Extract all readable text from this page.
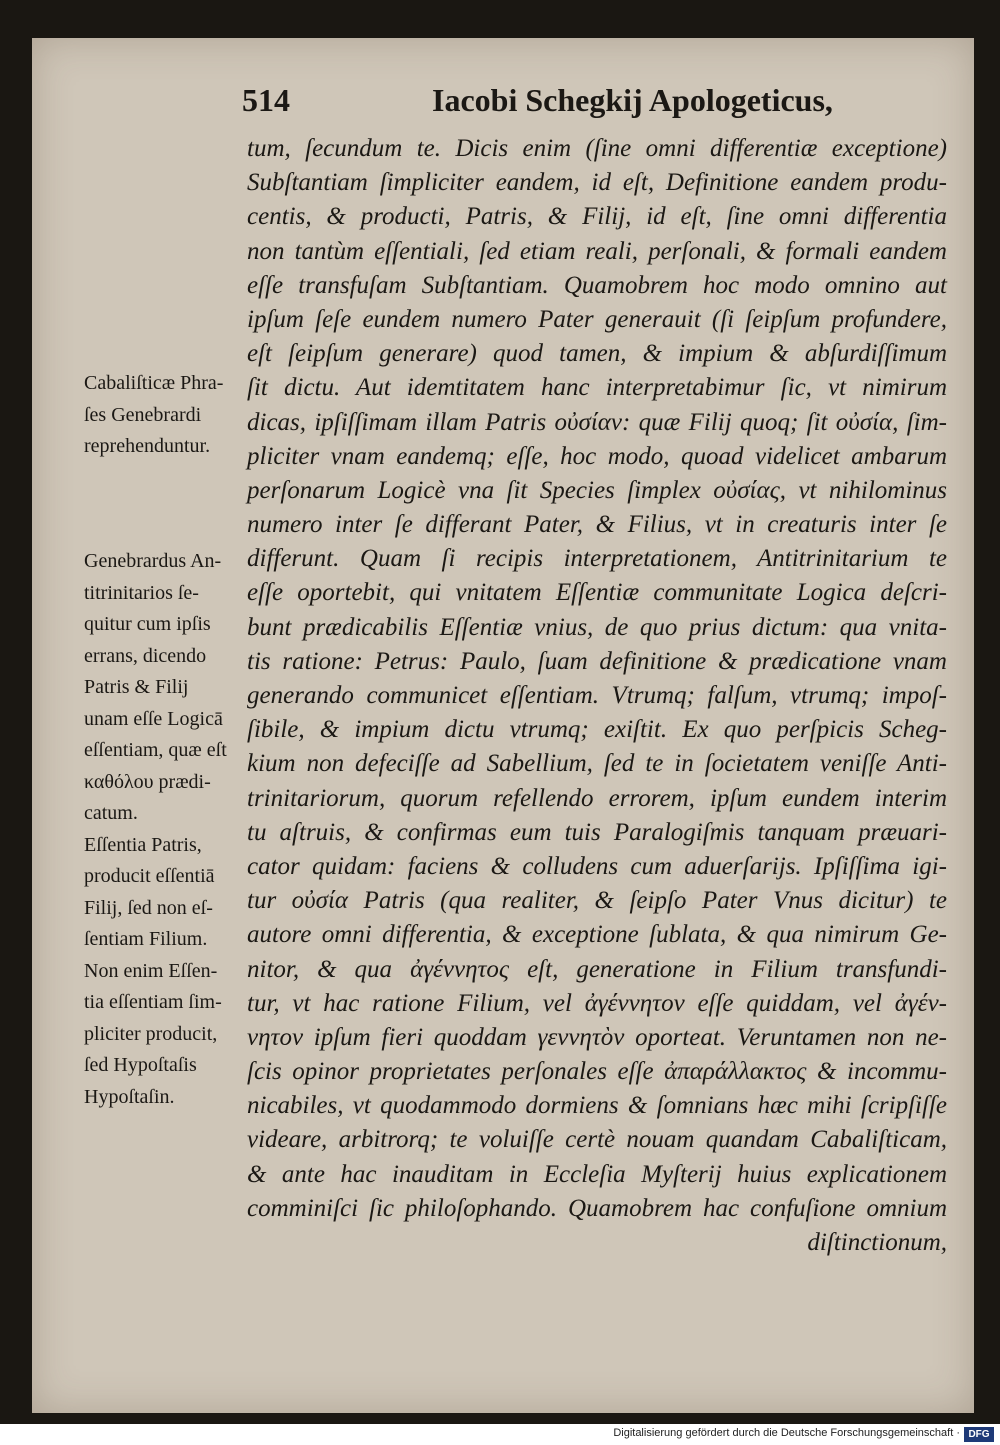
514	Iacobi Schegkij Apologeticus,
tum, ſecundum te. Dicis enim (ſine omni differentiæ exceptione)
Subſtantiam ſimpliciter eandem, id eſt, Definitione eandem produ-
centis, & producti, Patris, & Filij, id eſt, ſine omni differentia
non tantùm eſſentiali, ſed etiam reali, perſonali, & formali eandem
eſſe transfuſam Subſtantiam. Quamobrem hoc modo omnino aut
ipſum ſeſe eundem numero Pater generauit (ſi ſeipſum profundere,
eſt ſeipſum generare) quod tamen, & impium & abſurdiſſimum
ſit dictu. Aut idemtitatem hanc interpretabimur ſic, vt nimirum
dicas, ipſiſſimam illam Patris οὐσίαν: quæ Filij quoq; ſit οὐσία, ſim-
pliciter vnam eandemq; eſſe, hoc modo, quoad videlicet ambarum
perſonarum Logicè vna ſit Species ſimplex οὐσίας, vt nihilominus
numero inter ſe differant Pater, & Filius, vt in creaturis inter ſe
differunt. Quam ſi recipis interpretationem, Antitrinitarium te
eſſe oportebit, qui vnitatem Eſſentiæ communitate Logica deſcri-
bunt prædicabilis Eſſentiæ vnius, de quo prius dictum: qua vnita-
tis ratione: Petrus: Paulo, ſuam definitione & prædicatione vnam
generando communicet eſſentiam. Vtrumq; falſum, vtrumq; impoſ-
ſibile, & impium dictu vtrumq; exiſtit. Ex quo perſpicis Scheg-
kium non defeciſſe ad Sabellium, ſed te in ſocietatem veniſſe Anti-
trinitariorum, quorum refellendo errorem, ipſum eundem interim
tu aſtruis, & confirmas eum tuis Paralogiſmis tanquam præuari-
cator quidam: faciens & colludens cum aduerſarijs. Ipſiſſima igi-
tur οὐσία Patris (qua realiter, & ſeipſo Pater Vnus dicitur) te
autore omni differentia, & exceptione ſublata, & qua nimirum Ge-
nitor, & qua ἀγέννητος eſt, generatione in Filium transfundi-
tur, vt hac ratione Filium, vel ἀγέννητον eſſe quiddam, vel ἀγέν-
νητον ipſum fieri quoddam γεννητὸν oporteat. Veruntamen non ne-
ſcis opinor proprietates perſonales eſſe ἀπαράλλακτος & incommu-
nicabiles, vt quodammodo dormiens & ſomnians hæc mihi ſcripſiſſe
videare, arbitrorq; te voluiſſe certè nouam quandam Cabaliſticam,
& ante hac inauditam in Eccleſia Myſterij huius explicationem
comminiſci ſic philoſophando. Quamobrem hac confuſione omnium
diſtinctionum,
Cabaliſticæ Phra-
ſes Genebrardi
reprehenduntur.
Genebrardus An-
titrinitarios ſe-
quitur cum ipſis
errans, dicendo
Patris & Filij
unam eſſe Logicā
eſſentiam, quæ eſt
καθόλου prædi-
catum.
Eſſentia Patris,
producit eſſentiā
Filij, ſed non eſ-
ſentiam Filium.
Non enim Eſſen-
tia eſſentiam ſim-
pliciter producit,
ſed Hypoſtaſis
Hypoſtaſin.
Digitalisierung gefördert durch die Deutsche Forschungsgemeinschaft · DFG
